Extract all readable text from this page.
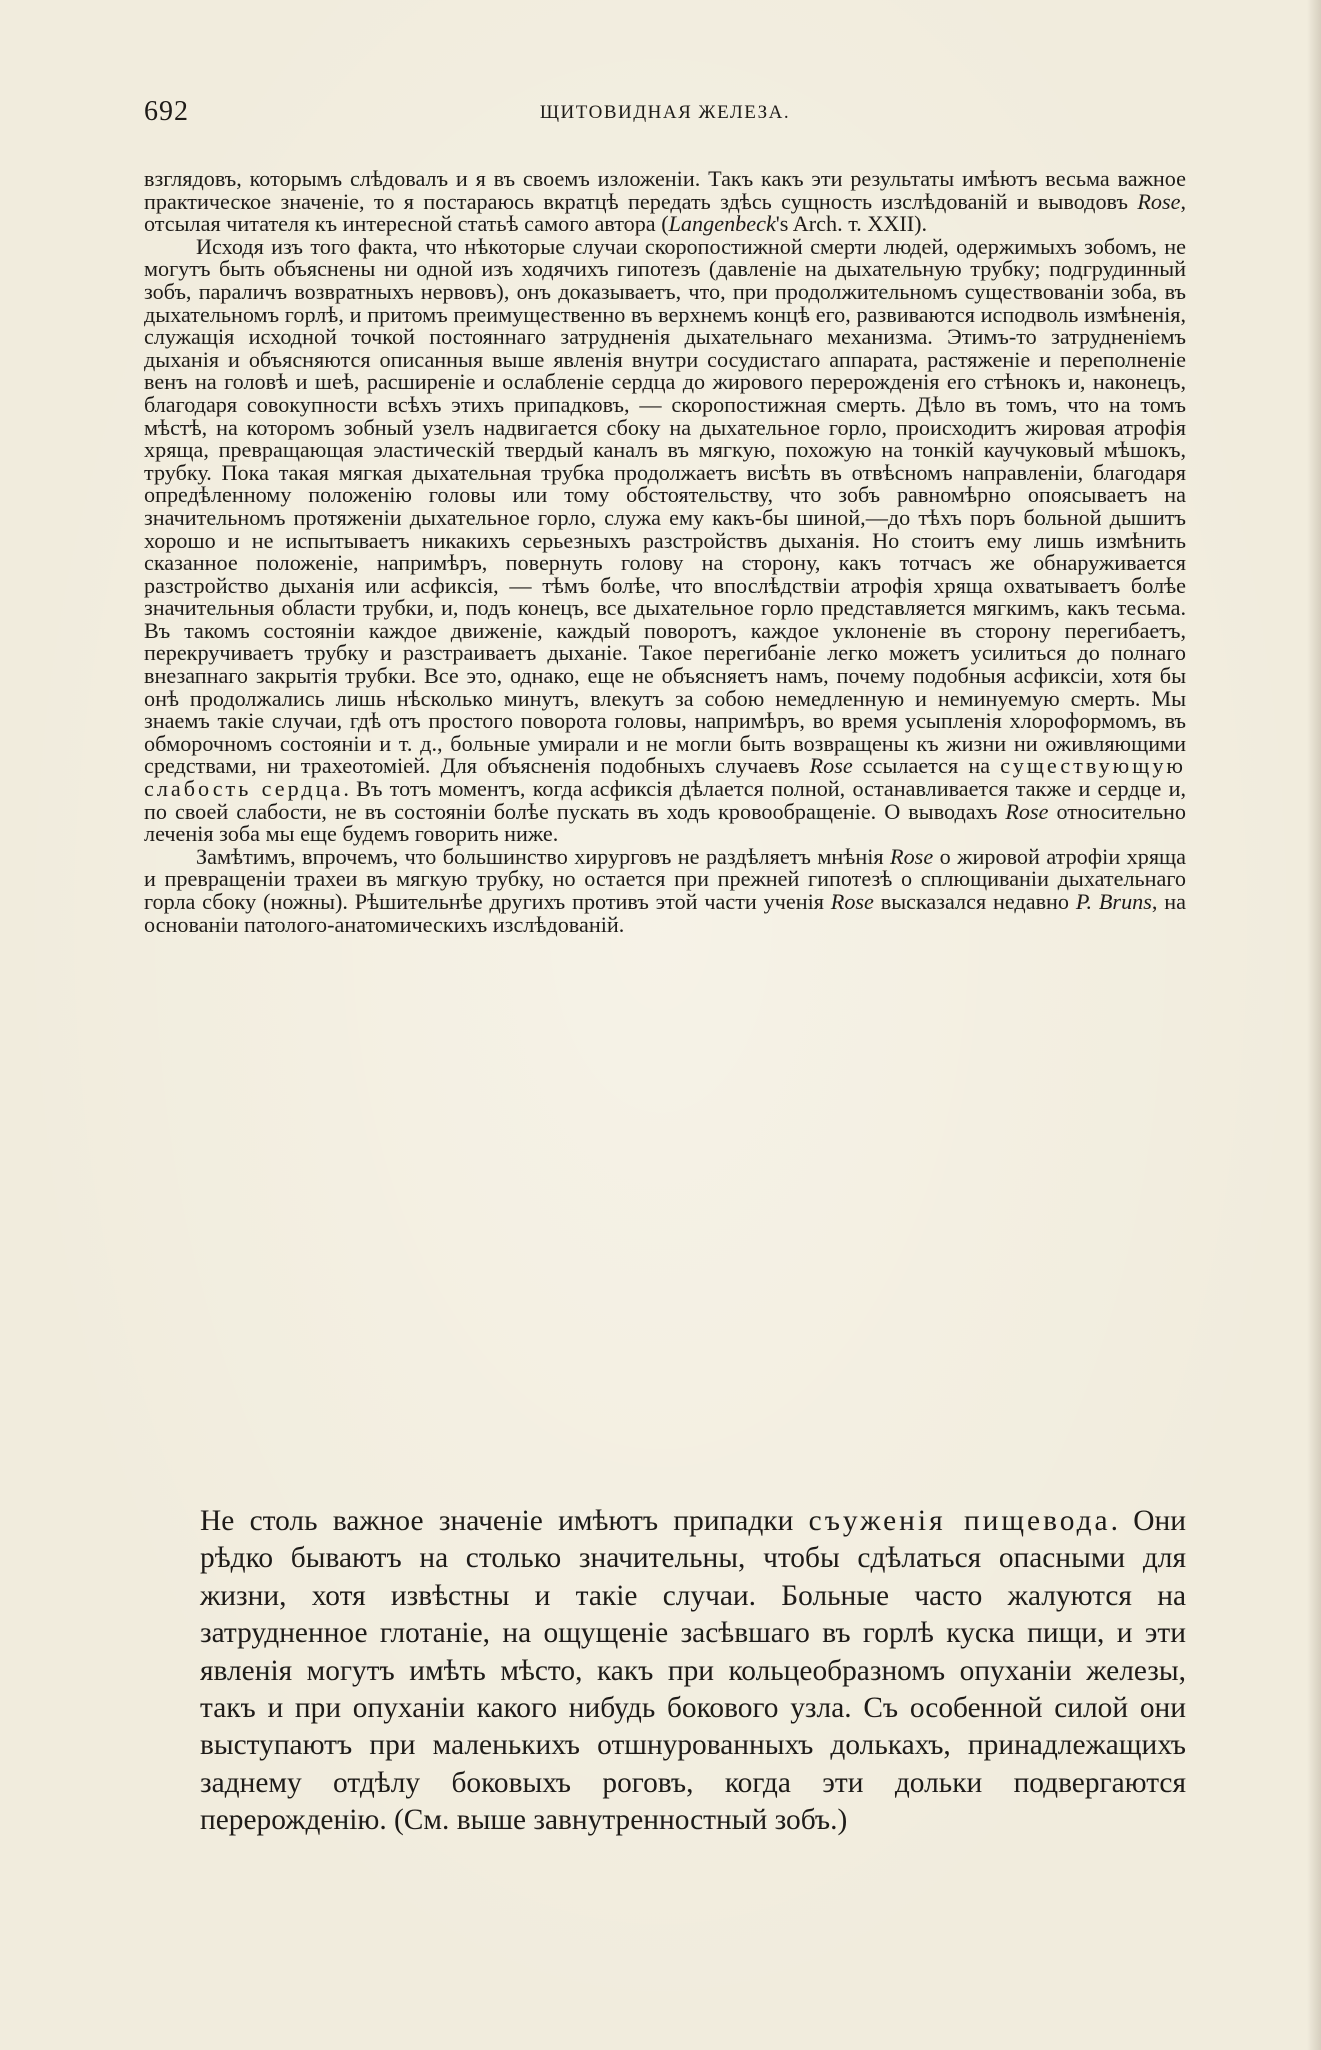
692	ЩИТОВИДНАЯ ЖЕЛЕЗА.

взглядовъ, которымъ слѣдовалъ и я въ своемъ изложеніи. Такъ какъ эти результаты имѣютъ весьма важное практическое значеніе, то я постараюсь вкратцѣ передать здѣсь сущность изслѣдованій и выводовъ Rose, отсылая читателя къ интересной статьѣ самого автора (Langenbeck's Arch. т. XXII).

Исходя изъ того факта, что нѣкоторые случаи скоропостижной смерти людей, одержимыхъ зобомъ, не могутъ быть объяснены ни одной изъ ходячихъ гипотезъ (давленіе на дыхательную трубку; подгрудинный зобъ, параличъ возвратныхъ нервовъ), онъ доказываетъ, что, при продолжительномъ существованіи зоба, въ дыхательномъ горлѣ, и притомъ преимущественно въ верхнемъ концѣ его, развиваются исподволь измѣненія, служащія исходной точкой постояннаго затрудненія дыхательнаго механизма. Этимъ-то затрудненіемъ дыханія и объясняются описанныя выше явленія внутри сосудистаго аппарата, растяженіе и переполненіе венъ на головѣ и шеѣ, расширеніе и ослабленіе сердца до жирового перерожденія его стѣнокъ и, наконецъ, благодаря совокупности всѣхъ этихъ припадковъ, — скоропостижная смерть. Дѣло въ томъ, что на томъ мѣстѣ, на которомъ зобный узелъ надвигается сбоку на дыхательное горло, происходитъ жировая атрофія хряща, превращающая эластическій твердый каналъ въ мягкую, похожую на тонкій каучуковый мѣшокъ, трубку. Пока такая мягкая дыхательная трубка продолжаетъ висѣть въ отвѣсномъ направленіи, благодаря опредѣленному положенію головы или тому обстоятельству, что зобъ равномѣрно опоясываетъ на значительномъ протяженіи дыхательное горло, служа ему какъ-бы шиной,—до тѣхъ поръ больной дышитъ хорошо и не испытываетъ никакихъ серьезныхъ разстройствъ дыханія. Но стоитъ ему лишь измѣнить сказанное положеніе, напримѣръ, повернуть голову на сторону, какъ тотчасъ же обнаруживается разстройство дыханія или асфиксія, — тѣмъ болѣе, что впослѣдствіи атрофія хряща охватываетъ болѣе значительныя области трубки, и, подъ конецъ, все дыхательное горло представляется мягкимъ, какъ тесьма. Въ такомъ состояніи каждое движеніе, каждый поворотъ, каждое уклоненіе въ сторону перегибаетъ, перекручиваетъ трубку и разстраиваетъ дыханіе. Такое перегибаніе легко можетъ усилиться до полнаго внезапнаго закрытія трубки. Все это, однако, еще не объясняетъ намъ, почему подобныя асфиксіи, хотя бы онѣ продолжались лишь нѣсколько минутъ, влекутъ за собою немедленную и неминуемую смерть. Мы знаемъ такіе случаи, гдѣ отъ простого поворота головы, напримѣръ, во время усыпленія хлороформомъ, въ обморочномъ состояніи и т. д., больные умирали и не могли быть возвращены къ жизни ни оживляющими средствами, ни трахеотоміей. Для объясненія подобныхъ случаевъ Rose ссылается на существующую слабость сердца. Въ тотъ моментъ, когда асфиксія дѣлается полной, останавливается также и сердце и, по своей слабости, не въ состояніи болѣе пускать въ ходъ кровообращеніе. О выводахъ Rose относительно леченія зоба мы еще будемъ говорить ниже.

Замѣтимъ, впрочемъ, что большинство хирурговъ не раздѣляетъ мнѣнія Rose о жировой атрофіи хряща и превращеніи трахеи въ мягкую трубку, но остается при прежней гипотезѣ о сплющиваніи дыхательнаго горла сбоку (ножны). Рѣшительнѣе другихъ противъ этой части ученія Rose высказался недавно P. Bruns, на основаніи патолого-анатомическихъ изслѣдованій.

Не столь важное значеніе имѣютъ припадки съуженія пищевода. Они рѣдко бываютъ на столько значительны, чтобы сдѣлаться опасными для жизни, хотя извѣстны и такіе случаи. Больные часто жалуются на затрудненное глотаніе, на ощущеніе засѣвшаго въ горлѣ куска пищи, и эти явленія могутъ имѣть мѣсто, какъ при кольцеобразномъ опуханіи железы, такъ и при опуханіи какого нибудь бокового узла. Съ особенной силой они выступаютъ при маленькихъ отшнурованныхъ долькахъ, принадлежащихъ заднему отдѣлу боковыхъ роговъ, когда эти дольки подвергаются перерожденію. (См. выше завнутренностный зобъ.)
